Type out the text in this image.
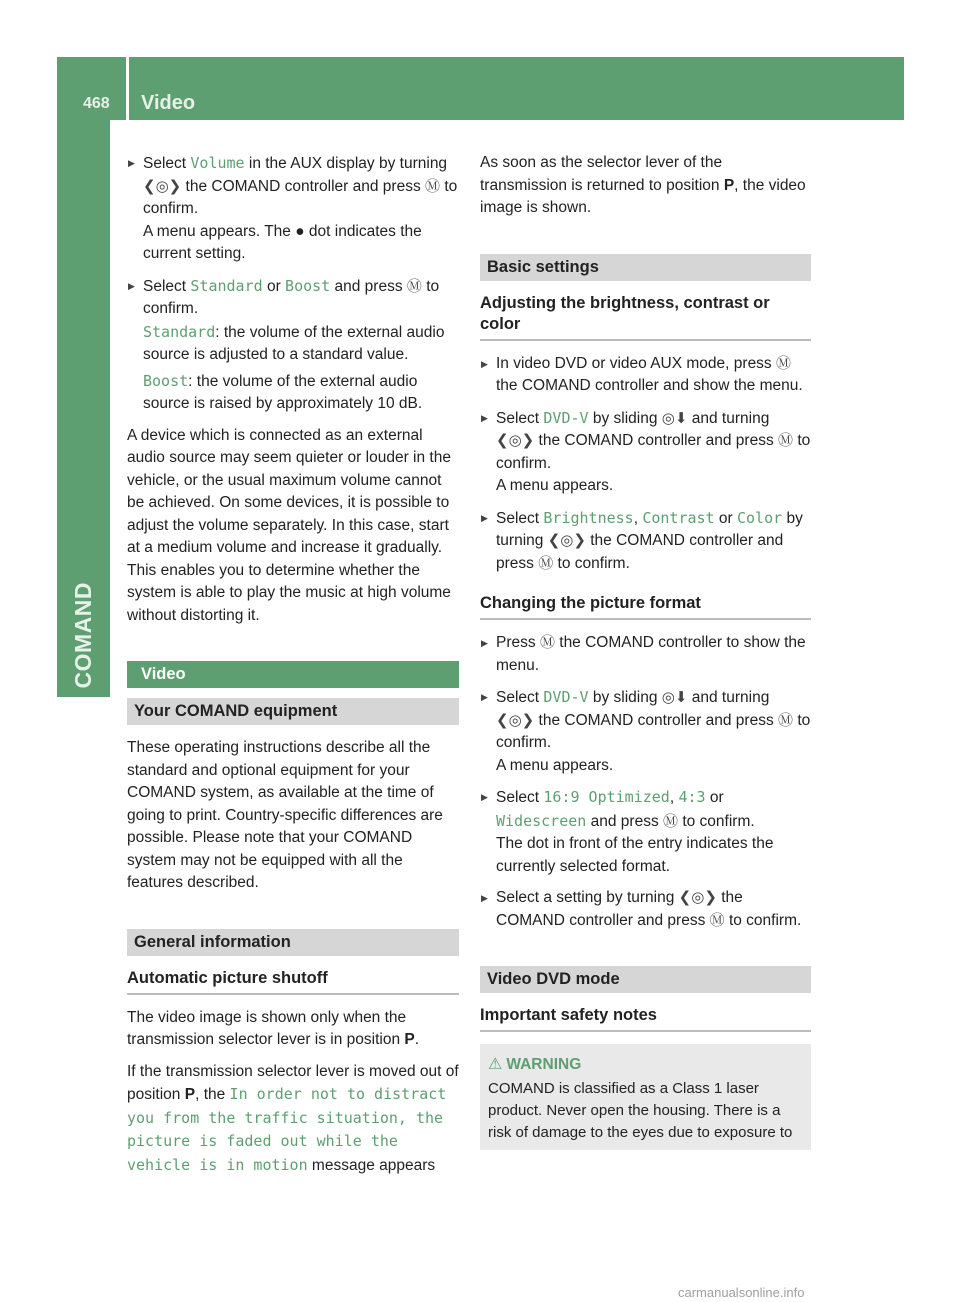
468 Video
COMAND
▶ Select Volume in the AUX display by turning ❮◎❯ the COMAND controller and press Ⓜ to confirm.
A menu appears. The ● dot indicates the current setting.
▶ Select Standard or Boost and press Ⓜ to confirm.
Standard: the volume of the external audio source is adjusted to a standard value.
Boost: the volume of the external audio source is raised by approximately 10 dB.

A device which is connected as an external audio source may seem quieter or louder in the vehicle, or the usual maximum volume cannot be achieved. On some devices, it is possible to adjust the volume separately. In this case, start at a medium volume and increase it gradually. This enables you to determine whether the system is able to play the music at high volume without distorting it.

Video
Your COMAND equipment

These operating instructions describe all the standard and optional equipment for your COMAND system, as available at the time of going to print. Country-specific differences are possible. Please note that your COMAND system may not be equipped with all the features described.

General information
Automatic picture shutoff

The video image is shown only when the transmission selector lever is in position P.

If the transmission selector lever is moved out of position P, the In order not to distract you from the traffic situation, the picture is faded out while the vehicle is in motion message appears

As soon as the selector lever of the transmission is returned to position P, the video image is shown.

Basic settings
Adjusting the brightness, contrast or color
▶ In video DVD or video AUX mode, press Ⓜ the COMAND controller and show the menu.
▶ Select DVD-V by sliding ◎⬇ and turning ❮◎❯ the COMAND controller and press Ⓜ to confirm.
A menu appears.
▶ Select Brightness, Contrast or Color by turning ❮◎❯ the COMAND controller and press Ⓜ to confirm.
Changing the picture format
▶ Press Ⓜ the COMAND controller to show the menu.
▶ Select DVD-V by sliding ◎⬇ and turning ❮◎❯ the COMAND controller and press Ⓜ to confirm.
A menu appears.
▶ Select 16:9 Optimized, 4:3 or Widescreen and press Ⓜ to confirm.
The dot in front of the entry indicates the currently selected format.
▶ Select a setting by turning ❮◎❯ the COMAND controller and press Ⓜ to confirm.
Video DVD mode
Important safety notes
⚠ WARNING
COMAND is classified as a Class 1 laser product. Never open the housing. There is a risk of damage to the eyes due to exposure to
carmanualsonline.info
